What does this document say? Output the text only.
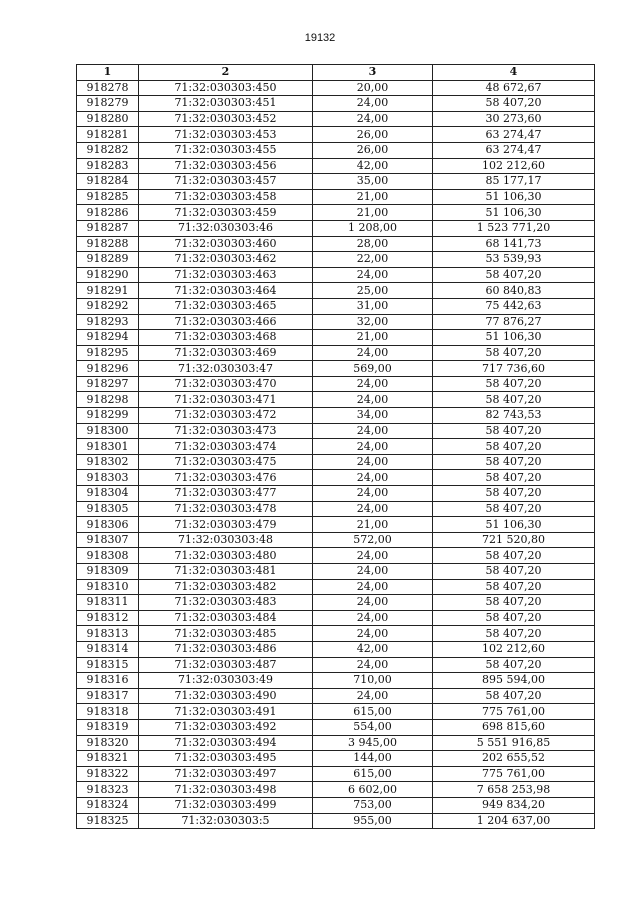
19132
1	2	3	4
918278	71:32:030303:450	20,00	48 672,67
918279	71:32:030303:451	24,00	58 407,20
918280	71:32:030303:452	24,00	30 273,60
918281	71:32:030303:453	26,00	63 274,47
918282	71:32:030303:455	26,00	63 274,47
918283	71:32:030303:456	42,00	102 212,60
918284	71:32:030303:457	35,00	85 177,17
918285	71:32:030303:458	21,00	51 106,30
918286	71:32:030303:459	21,00	51 106,30
918287	71:32:030303:46	1 208,00	1 523 771,20
918288	71:32:030303:460	28,00	68 141,73
918289	71:32:030303:462	22,00	53 539,93
918290	71:32:030303:463	24,00	58 407,20
918291	71:32:030303:464	25,00	60 840,83
918292	71:32:030303:465	31,00	75 442,63
918293	71:32:030303:466	32,00	77 876,27
918294	71:32:030303:468	21,00	51 106,30
918295	71:32:030303:469	24,00	58 407,20
918296	71:32:030303:47	569,00	717 736,60
918297	71:32:030303:470	24,00	58 407,20
918298	71:32:030303:471	24,00	58 407,20
918299	71:32:030303:472	34,00	82 743,53
918300	71:32:030303:473	24,00	58 407,20
918301	71:32:030303:474	24,00	58 407,20
918302	71:32:030303:475	24,00	58 407,20
918303	71:32:030303:476	24,00	58 407,20
918304	71:32:030303:477	24,00	58 407,20
918305	71:32:030303:478	24,00	58 407,20
918306	71:32:030303:479	21,00	51 106,30
918307	71:32:030303:48	572,00	721 520,80
918308	71:32:030303:480	24,00	58 407,20
918309	71:32:030303:481	24,00	58 407,20
918310	71:32:030303:482	24,00	58 407,20
918311	71:32:030303:483	24,00	58 407,20
918312	71:32:030303:484	24,00	58 407,20
918313	71:32:030303:485	24,00	58 407,20
918314	71:32:030303:486	42,00	102 212,60
918315	71:32:030303:487	24,00	58 407,20
918316	71:32:030303:49	710,00	895 594,00
918317	71:32:030303:490	24,00	58 407,20
918318	71:32:030303:491	615,00	775 761,00
918319	71:32:030303:492	554,00	698 815,60
918320	71:32:030303:494	3 945,00	5 551 916,85
918321	71:32:030303:495	144,00	202 655,52
918322	71:32:030303:497	615,00	775 761,00
918323	71:32:030303:498	6 602,00	7 658 253,98
918324	71:32:030303:499	753,00	949 834,20
918325	71:32:030303:5	955,00	1 204 637,00
